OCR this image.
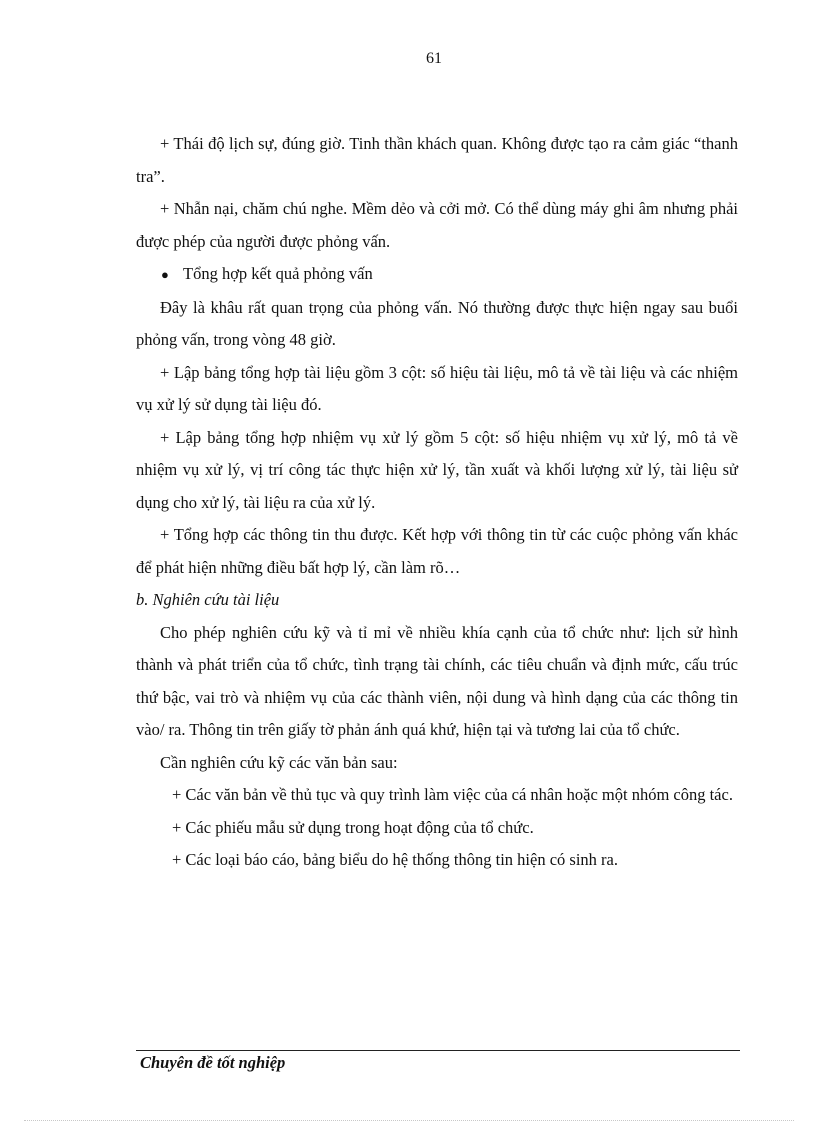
61

+ Thái độ lịch sự, đúng giờ. Tinh thần khách quan. Không được tạo ra cảm giác “thanh tra”.

+ Nhẫn nại, chăm chú nghe. Mềm dẻo và cởi mở. Có thể dùng máy ghi âm nhưng phải được phép của người được phỏng vấn.

● Tổng hợp kết quả phỏng vấn

Đây là khâu rất quan trọng của phỏng vấn. Nó thường được thực hiện ngay sau buổi phỏng vấn, trong vòng 48 giờ.

+ Lập bảng tổng hợp tài liệu gồm 3 cột: số hiệu tài liệu, mô tả về tài liệu và các nhiệm vụ xử lý sử dụng tài liệu đó.

+ Lập bảng tổng hợp nhiệm vụ xử lý gồm 5 cột: số hiệu nhiệm vụ xử lý, mô tả về nhiệm vụ xử lý, vị trí công tác thực hiện xử lý, tần xuất và khối lượng xử lý, tài liệu sử dụng cho xử lý, tài liệu ra của xử lý.

+ Tổng hợp các thông tin thu được. Kết hợp với thông tin từ các cuộc phỏng vấn khác để phát hiện những điều bất hợp lý, cần làm rõ…

b. Nghiên cứu tài liệu

Cho phép nghiên cứu kỹ và tỉ mỉ về nhiều khía cạnh của tổ chức như: lịch sử hình thành và phát triển của tổ chức, tình trạng tài chính, các tiêu chuẩn và định mức, cấu trúc thứ bậc, vai trò và nhiệm vụ của các thành viên, nội dung và hình dạng của các thông tin vào/ ra. Thông tin trên giấy tờ phản ánh quá khứ, hiện tại và tương lai của tổ chức.

Cần nghiên cứu kỹ các văn bản sau:

+ Các văn bản về thủ tục và quy trình làm việc của cá nhân hoặc một nhóm công tác.

+ Các phiếu mẫu sử dụng trong hoạt động của tổ chức.

+ Các loại báo cáo, bảng biểu do hệ thống thông tin hiện có sinh ra.

Chuyên đề tốt nghiệp
